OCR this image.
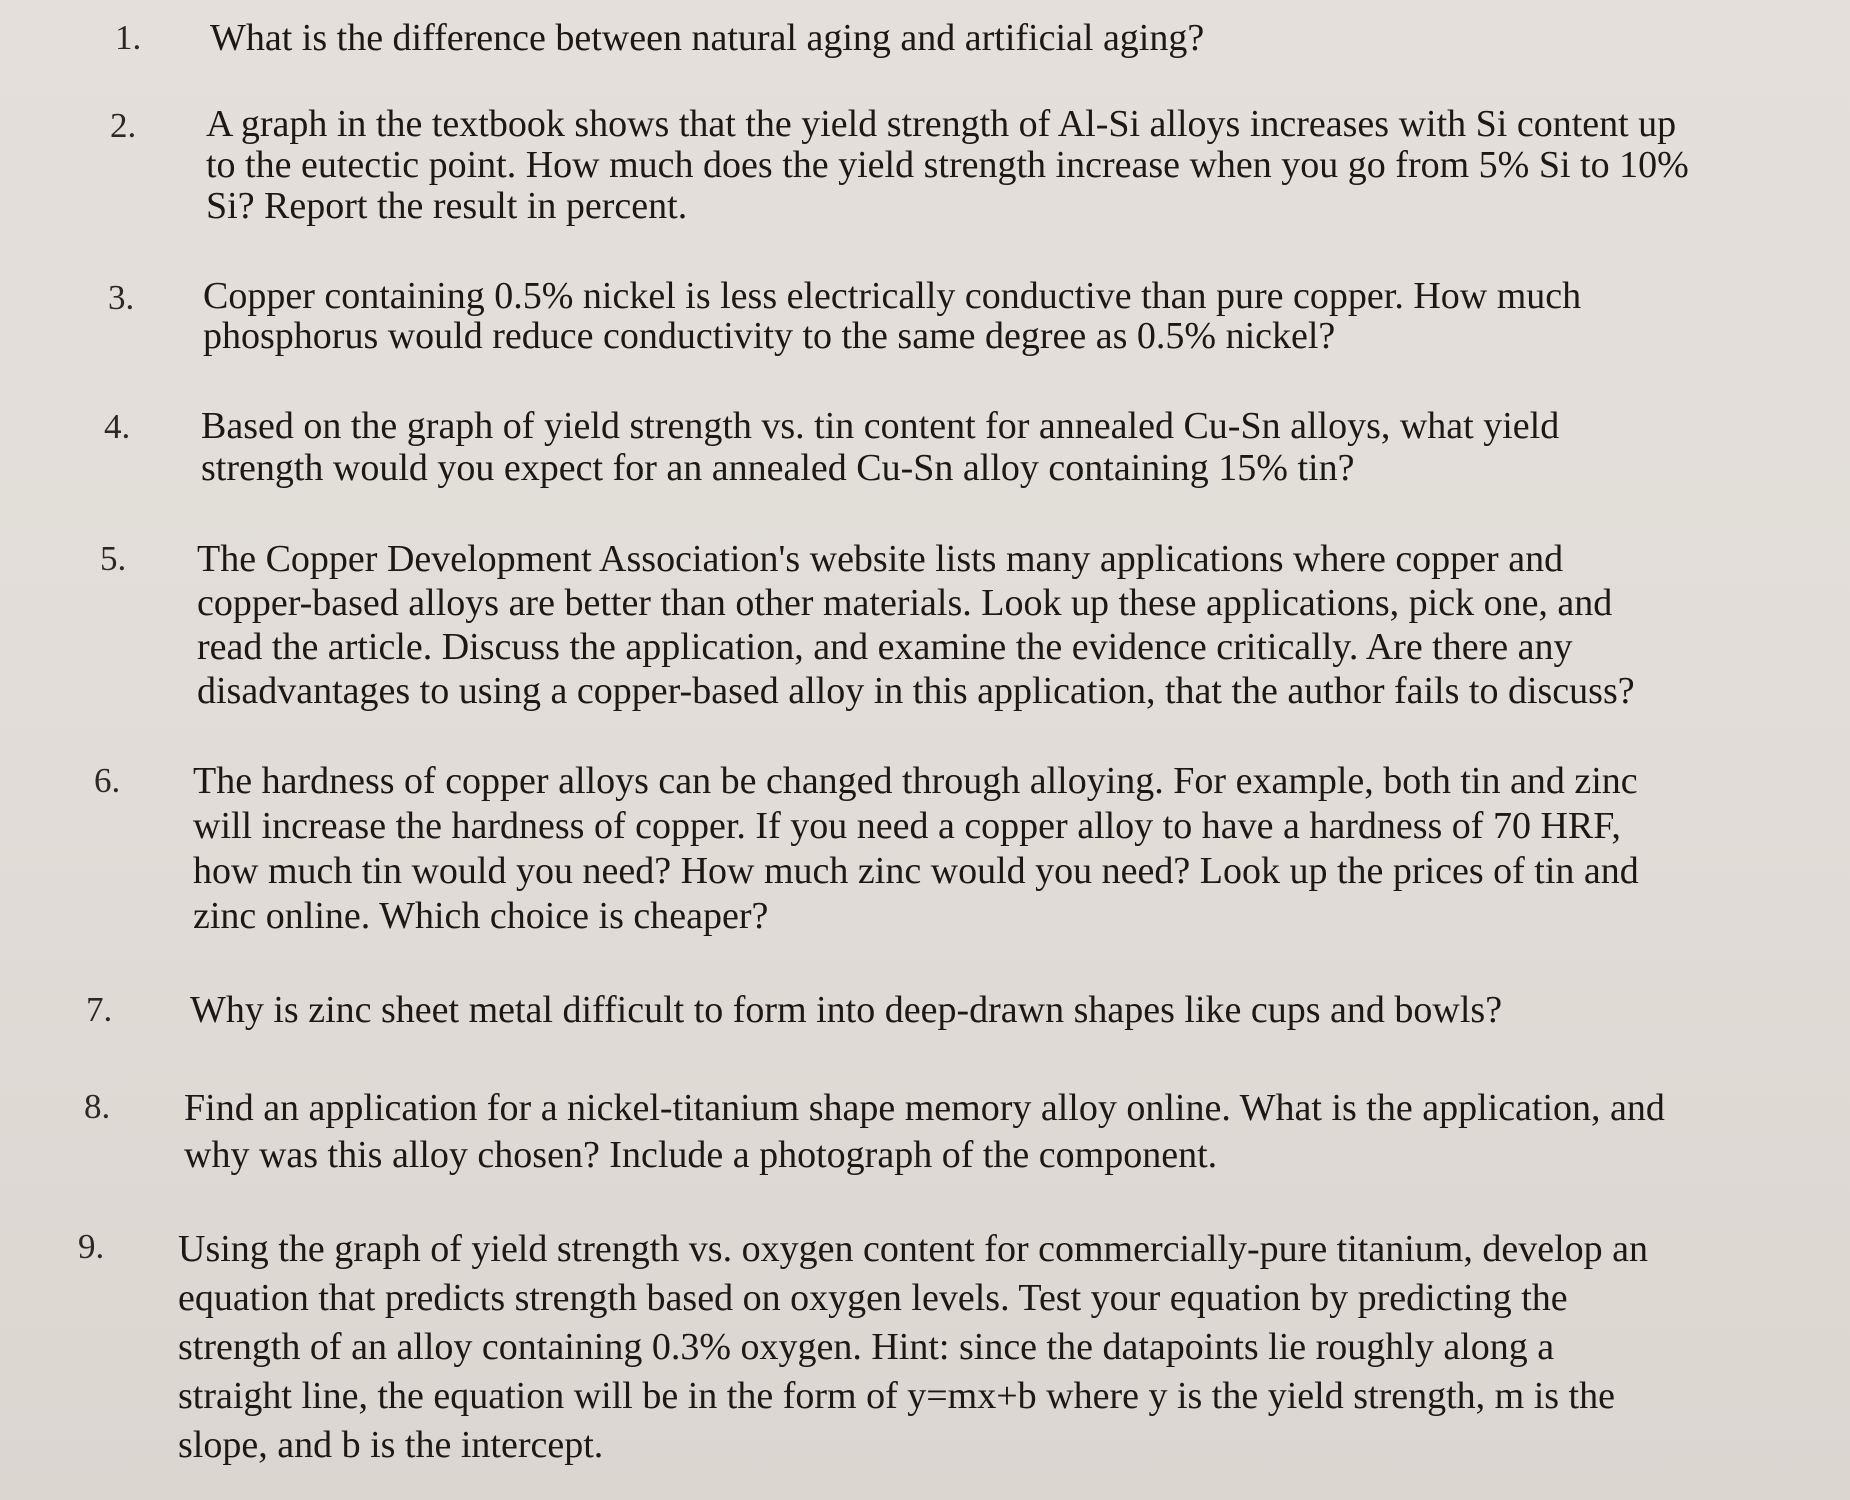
1. What is the difference between natural aging and artificial aging?
2. A graph in the textbook shows that the yield strength of Al-Si alloys increases with Si content up
to the eutectic point. How much does the yield strength increase when you go from 5% Si to 10%
Si? Report the result in percent.
3. Copper containing 0.5% nickel is less electrically conductive than pure copper. How much
phosphorus would reduce conductivity to the same degree as 0.5% nickel?
4. Based on the graph of yield strength vs. tin content for annealed Cu-Sn alloys, what yield
strength would you expect for an annealed Cu-Sn alloy containing 15% tin?
5. The Copper Development Association's website lists many applications where copper and
copper-based alloys are better than other materials. Look up these applications, pick one, and
read the article. Discuss the application, and examine the evidence critically. Are there any
disadvantages to using a copper-based alloy in this application, that the author fails to discuss?
6. The hardness of copper alloys can be changed through alloying. For example, both tin and zinc
will increase the hardness of copper. If you need a copper alloy to have a hardness of 70 HRF,
how much tin would you need? How much zinc would you need? Look up the prices of tin and
zinc online. Which choice is cheaper?
7. Why is zinc sheet metal difficult to form into deep-drawn shapes like cups and bowls?
8. Find an application for a nickel-titanium shape memory alloy online. What is the application, and
why was this alloy chosen? Include a photograph of the component.
9. Using the graph of yield strength vs. oxygen content for commercially-pure titanium, develop an
equation that predicts strength based on oxygen levels. Test your equation by predicting the
strength of an alloy containing 0.3% oxygen. Hint: since the datapoints lie roughly along a
straight line, the equation will be in the form of y=mx+b where y is the yield strength, m is the
slope, and b is the intercept.
